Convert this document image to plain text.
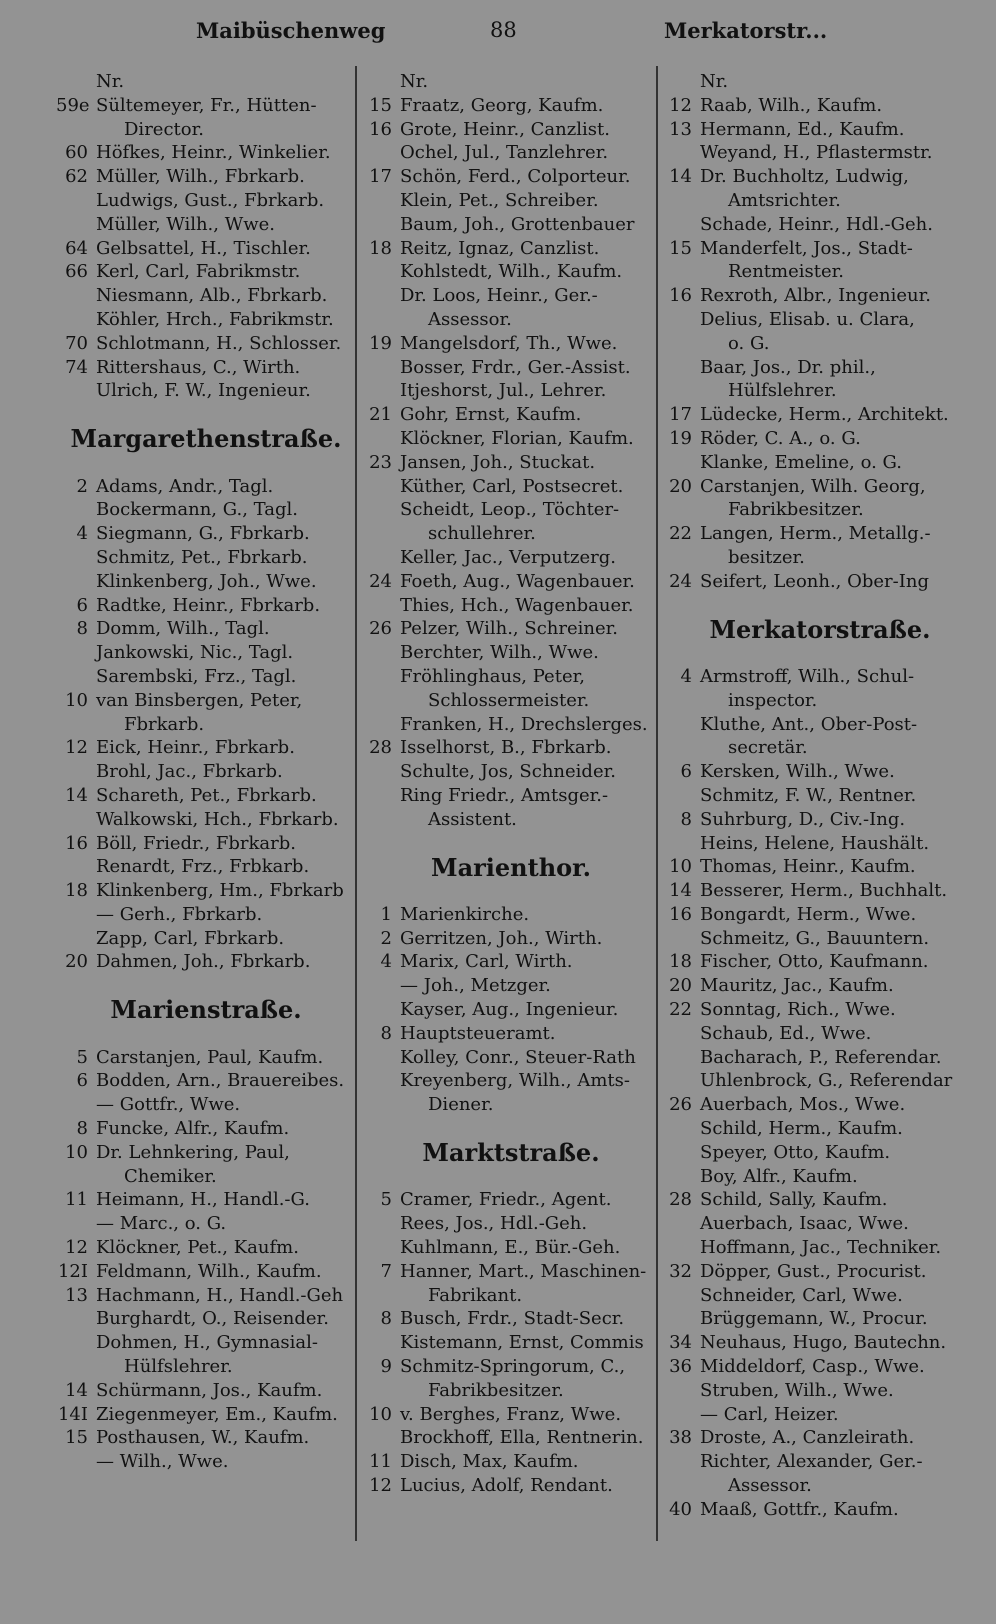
Maibüschenweg	88	Merkatorstr...
Nr.
59e Sültemeyer, Fr., Hütten-
Director.
60 Höfkes, Heinr., Winkelier.
62 Müller, Wilh., Fbrkarb.
Ludwigs, Gust., Fbrkarb.
Müller, Wilh., Wwe.
64 Gelbsattel, H., Tischler.
66 Kerl, Carl, Fabrikmstr.
Niesmann, Alb., Fbrkarb.
Köhler, Hrch., Fabrikmstr.
70 Schlotmann, H., Schlosser.
74 Rittershaus, C., Wirth.
Ulrich, F. W., Ingenieur.
Margarethenstraße.
2 Adams, Andr., Tagl.
Bockermann, G., Tagl.
4 Siegmann, G., Fbrkarb.
Schmitz, Pet., Fbrkarb.
Klinkenberg, Joh., Wwe.
6 Radtke, Heinr., Fbrkarb.
8 Domm, Wilh., Tagl.
Jankowski, Nic., Tagl.
Sarembski, Frz., Tagl.
10 van Binsbergen, Peter,
Fbrkarb.
12 Eick, Heinr., Fbrkarb.
Brohl, Jac., Fbrkarb.
14 Schareth, Pet., Fbrkarb.
Walkowski, Hch., Fbrkarb.
16 Böll, Friedr., Fbrkarb.
Renardt, Frz., Frbkarb.
18 Klinkenberg, Hm., Fbrkarb
— Gerh., Fbrkarb.
Zapp, Carl, Fbrkarb.
20 Dahmen, Joh., Fbrkarb.
Marienstraße.
5 Carstanjen, Paul, Kaufm.
6 Bodden, Arn., Brauereibes.
— Gottfr., Wwe.
8 Funcke, Alfr., Kaufm.
10 Dr. Lehnkering, Paul,
Chemiker.
11 Heimann, H., Handl.-G.
— Marc., o. G.
12 Klöckner, Pet., Kaufm.
12I Feldmann, Wilh., Kaufm.
13 Hachmann, H., Handl.-Geh
Burghardt, O., Reisender.
Dohmen, H., Gymnasial-
Hülfslehrer.
14 Schürmann, Jos., Kaufm.
14I Ziegenmeyer, Em., Kaufm.
15 Posthausen, W., Kaufm.
— Wilh., Wwe.
Nr.
15 Fraatz, Georg, Kaufm.
16 Grote, Heinr., Canzlist.
Ochel, Jul., Tanzlehrer.
17 Schön, Ferd., Colporteur.
Klein, Pet., Schreiber.
Baum, Joh., Grottenbauer
18 Reitz, Ignaz, Canzlist.
Kohlstedt, Wilh., Kaufm.
Dr. Loos, Heinr., Ger.-
Assessor.
19 Mangelsdorf, Th., Wwe.
Bosser, Frdr., Ger.-Assist.
Itjeshorst, Jul., Lehrer.
21 Gohr, Ernst, Kaufm.
Klöckner, Florian, Kaufm.
23 Jansen, Joh., Stuckat.
Küther, Carl, Postsecret.
Scheidt, Leop., Töchter-
schullehrer.
Keller, Jac., Verputzerg.
24 Foeth, Aug., Wagenbauer.
Thies, Hch., Wagenbauer.
26 Pelzer, Wilh., Schreiner.
Berchter, Wilh., Wwe.
Fröhlinghaus, Peter,
Schlossermeister.
Franken, H., Drechslerges.
28 Isselhorst, B., Fbrkarb.
Schulte, Jos, Schneider.
Ring Friedr., Amtsger.-
Assistent.
Marienthor.
1 Marienkirche.
2 Gerritzen, Joh., Wirth.
4 Marix, Carl, Wirth.
— Joh., Metzger.
Kayser, Aug., Ingenieur.
8 Hauptsteueramt.
Kolley, Conr., Steuer-Rath
Kreyenberg, Wilh., Amts-
Diener.
Marktstraße.
5 Cramer, Friedr., Agent.
Rees, Jos., Hdl.-Geh.
Kuhlmann, E., Bür.-Geh.
7 Hanner, Mart., Maschinen-
Fabrikant.
8 Busch, Frdr., Stadt-Secr.
Kistemann, Ernst, Commis
9 Schmitz-Springorum, C.,
Fabrikbesitzer.
10 v. Berghes, Franz, Wwe.
Brockhoff, Ella, Rentnerin.
11 Disch, Max, Kaufm.
12 Lucius, Adolf, Rendant.
Nr.
12 Raab, Wilh., Kaufm.
13 Hermann, Ed., Kaufm.
Weyand, H., Pflastermstr.
14 Dr. Buchholtz, Ludwig,
Amtsrichter.
Schade, Heinr., Hdl.-Geh.
15 Manderfelt, Jos., Stadt-
Rentmeister.
16 Rexroth, Albr., Ingenieur.
Delius, Elisab. u. Clara,
o. G.
Baar, Jos., Dr. phil.,
Hülfslehrer.
17 Lüdecke, Herm., Architekt.
19 Röder, C. A., o. G.
Klanke, Emeline, o. G.
20 Carstanjen, Wilh. Georg,
Fabrikbesitzer.
22 Langen, Herm., Metallg.-
besitzer.
24 Seifert, Leonh., Ober-Ing
Merkatorstraße.
4 Armstroff, Wilh., Schul-
inspector.
Kluthe, Ant., Ober-Post-
secretär.
6 Kersken, Wilh., Wwe.
Schmitz, F. W., Rentner.
8 Suhrburg, D., Civ.-Ing.
Heins, Helene, Haushält.
10 Thomas, Heinr., Kaufm.
14 Besserer, Herm., Buchhalt.
16 Bongardt, Herm., Wwe.
Schmeitz, G., Bauuntern.
18 Fischer, Otto, Kaufmann.
20 Mauritz, Jac., Kaufm.
22 Sonntag, Rich., Wwe.
Schaub, Ed., Wwe.
Bacharach, P., Referendar.
Uhlenbrock, G., Referendar
26 Auerbach, Mos., Wwe.
Schild, Herm., Kaufm.
Speyer, Otto, Kaufm.
Boy, Alfr., Kaufm.
28 Schild, Sally, Kaufm.
Auerbach, Isaac, Wwe.
Hoffmann, Jac., Techniker.
32 Döpper, Gust., Procurist.
Schneider, Carl, Wwe.
Brüggemann, W., Procur.
34 Neuhaus, Hugo, Bautechn.
36 Middeldorf, Casp., Wwe.
Struben, Wilh., Wwe.
— Carl, Heizer.
38 Droste, A., Canzleirath.
Richter, Alexander, Ger.-
Assessor.
40 Maaß, Gottfr., Kaufm.
